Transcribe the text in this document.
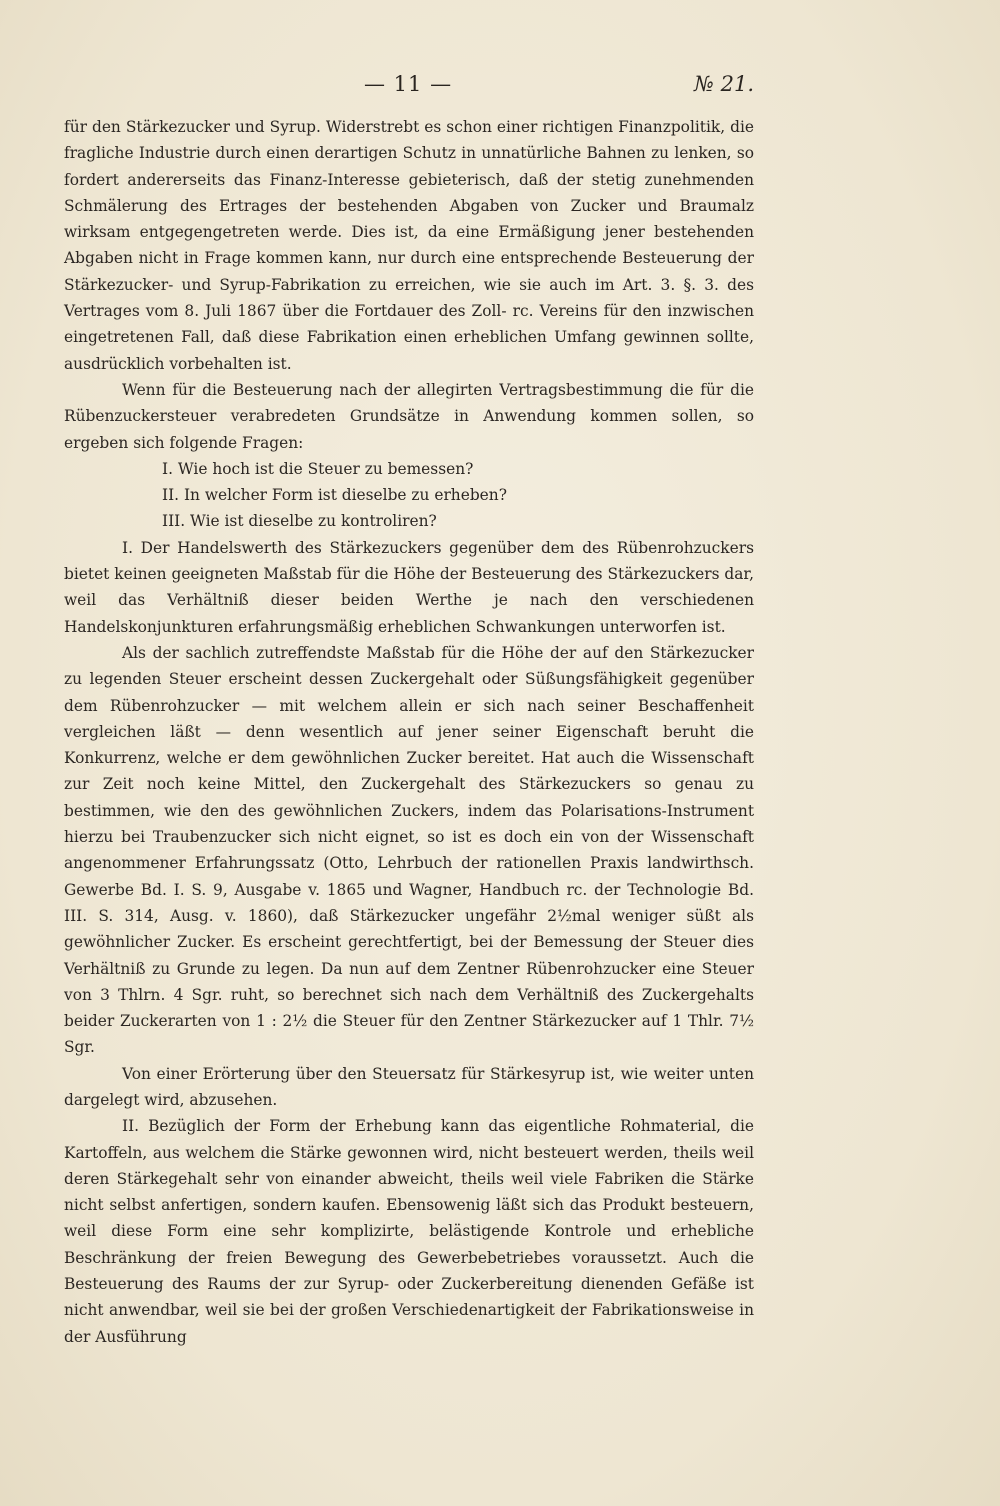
— 11 —	№ 21.

für den Stärkezucker und Syrup. Widerstrebt es schon einer richtigen Finanzpolitik, die fragliche Industrie durch einen derartigen Schutz in unnatürliche Bahnen zu lenken, so fordert andererseits das Finanz-Interesse gebieterisch, daß der stetig zunehmenden Schmälerung des Ertrages der bestehenden Abgaben von Zucker und Braumalz wirksam entgegengetreten werde. Dies ist, da eine Ermäßigung jener bestehenden Abgaben nicht in Frage kommen kann, nur durch eine entsprechende Besteuerung der Stärkezucker- und Syrup-Fabrikation zu erreichen, wie sie auch im Art. 3. §. 3. des Vertrages vom 8. Juli 1867 über die Fortdauer des Zoll- rc. Vereins für den inzwischen eingetretenen Fall, daß diese Fabrikation einen erheblichen Umfang gewinnen sollte, ausdrücklich vorbehalten ist.

Wenn für die Besteuerung nach der allegirten Vertragsbestimmung die für die Rübenzuckersteuer verabredeten Grundsätze in Anwendung kommen sollen, so ergeben sich folgende Fragen:

I. Wie hoch ist die Steuer zu bemessen?

II. In welcher Form ist dieselbe zu erheben?

III. Wie ist dieselbe zu kontroliren?

I. Der Handelswerth des Stärkezuckers gegenüber dem des Rübenrohzuckers bietet keinen geeigneten Maßstab für die Höhe der Besteuerung des Stärkezuckers dar, weil das Verhältniß dieser beiden Werthe je nach den verschiedenen Handelskonjunkturen erfahrungsmäßig erheblichen Schwankungen unterworfen ist.

Als der sachlich zutreffendste Maßstab für die Höhe der auf den Stärkezucker zu legenden Steuer erscheint dessen Zuckergehalt oder Süßungsfähigkeit gegenüber dem Rübenrohzucker — mit welchem allein er sich nach seiner Beschaffenheit vergleichen läßt — denn wesentlich auf jener seiner Eigenschaft beruht die Konkurrenz, welche er dem gewöhnlichen Zucker bereitet. Hat auch die Wissenschaft zur Zeit noch keine Mittel, den Zuckergehalt des Stärkezuckers so genau zu bestimmen, wie den des gewöhnlichen Zuckers, indem das Polarisations-Instrument hierzu bei Traubenzucker sich nicht eignet, so ist es doch ein von der Wissenschaft angenommener Erfahrungssatz (Otto, Lehrbuch der rationellen Praxis landwirthsch. Gewerbe Bd. I. S. 9, Ausgabe v. 1865 und Wagner, Handbuch rc. der Technologie Bd. III. S. 314, Ausg. v. 1860), daß Stärkezucker ungefähr 2½mal weniger süßt als gewöhnlicher Zucker. Es erscheint gerechtfertigt, bei der Bemessung der Steuer dies Verhältniß zu Grunde zu legen. Da nun auf dem Zentner Rübenrohzucker eine Steuer von 3 Thlrn. 4 Sgr. ruht, so berechnet sich nach dem Verhältniß des Zuckergehalts beider Zuckerarten von 1 : 2½ die Steuer für den Zentner Stärkezucker auf 1 Thlr. 7½ Sgr.

Von einer Erörterung über den Steuersatz für Stärkesyrup ist, wie weiter unten dargelegt wird, abzusehen.

II. Bezüglich der Form der Erhebung kann das eigentliche Rohmaterial, die Kartoffeln, aus welchem die Stärke gewonnen wird, nicht besteuert werden, theils weil deren Stärkegehalt sehr von einander abweicht, theils weil viele Fabriken die Stärke nicht selbst anfertigen, sondern kaufen. Ebensowenig läßt sich das Produkt besteuern, weil diese Form eine sehr komplizirte, belästigende Kontrole und erhebliche Beschränkung der freien Bewegung des Gewerbebetriebes voraussetzt. Auch die Besteuerung des Raums der zur Syrup- oder Zuckerbereitung dienenden Gefäße ist nicht anwendbar, weil sie bei der großen Verschiedenartigkeit der Fabrikationsweise in der Ausführung
